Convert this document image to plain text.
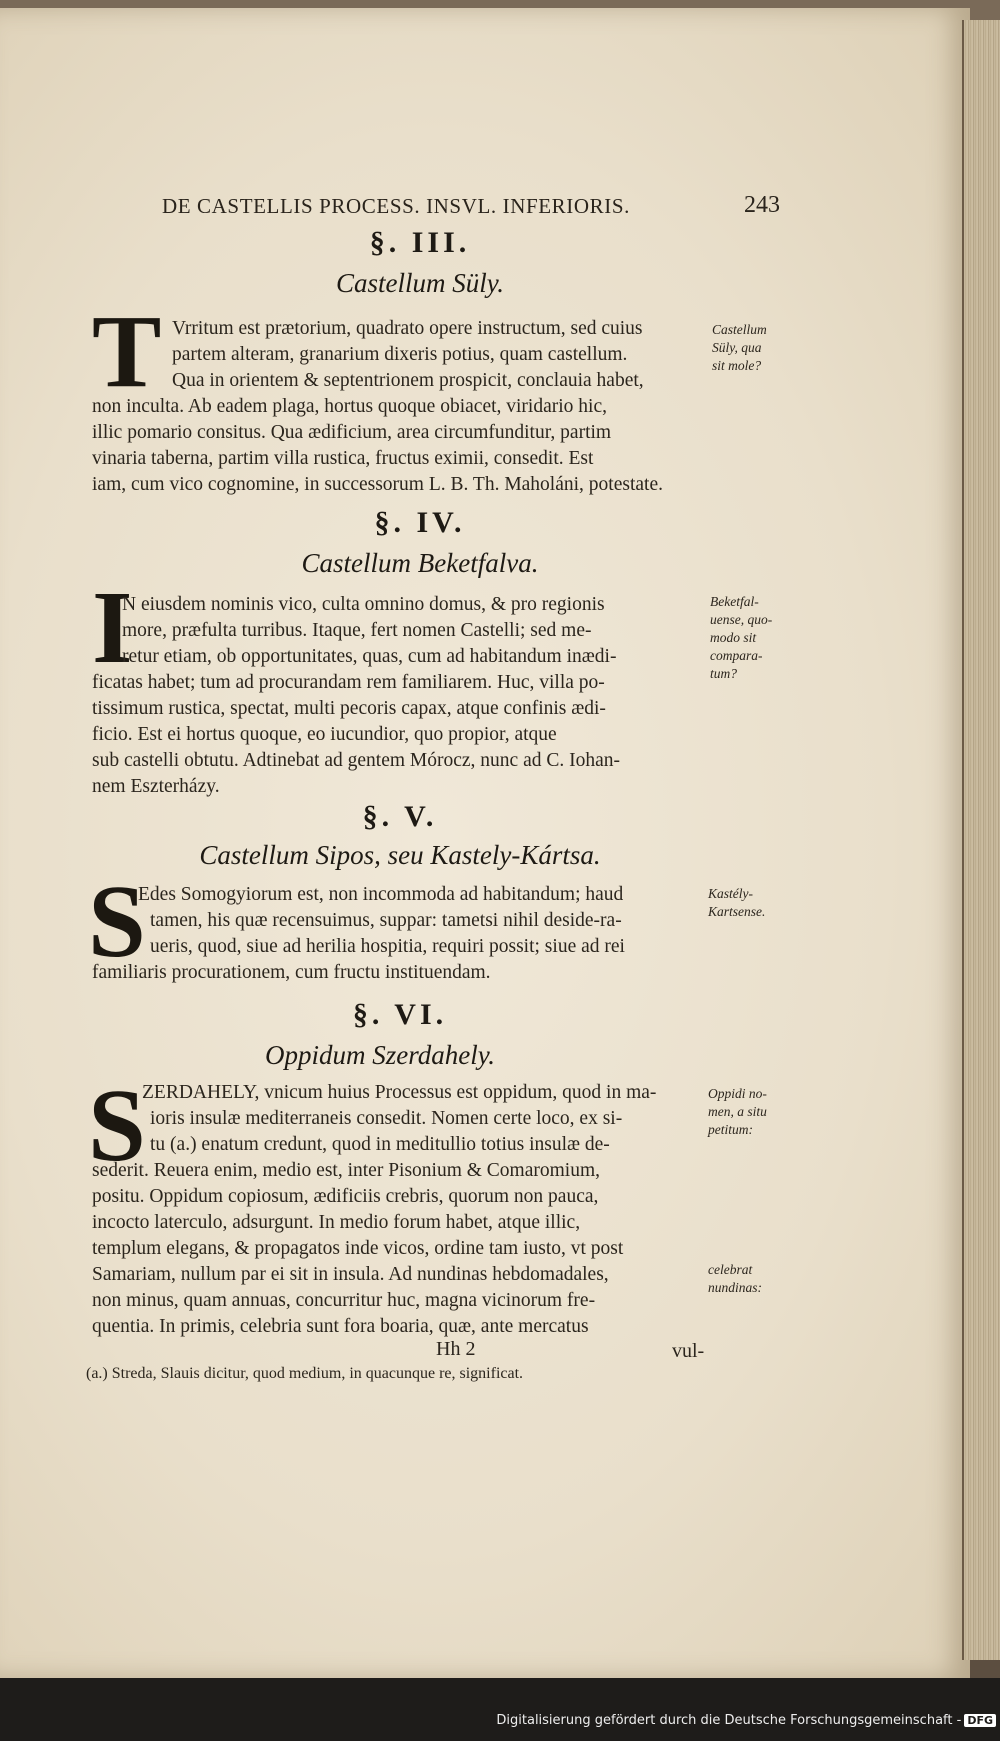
DE CASTELLIS PROCESS. INSVL. INFERIORIS.	243
§. III.
Castellum Süly.
T Vrritum est prætorium, quadrato opere instructum, sed cuius
partem alteram, granarium dixeris potius, quam castellum.
Qua in orientem & septentrionem prospicit, conclauia habet,
non inculta. Ab eadem plaga, hortus quoque obiacet, viridario hic,
illic pomario consitus. Qua ædificium, area circumfunditur, partim
vinaria taberna, partim villa rustica, fructus eximii, consedit. Est
iam, cum vico cognomine, in successorum L. B. Th. Maholáni, potestate.
Castellum
Süly, qua
sit mole?
§. IV.
Castellum Beketfalva.
I
N eiusdem nominis vico, culta omnino domus, & pro regionis
more, præfulta turribus. Itaque, fert nomen Castelli; sed me-
retur etiam, ob opportunitates, quas, cum ad habitandum inædi-
ficatas habet; tum ad procurandam rem familiarem. Huc, villa po-
tissimum rustica, spectat, multi pecoris capax, atque confinis ædi-
ficio. Est ei hortus quoque, eo iucundior, quo propior, atque
sub castelli obtutu. Adtinebat ad gentem Mórocz, nunc ad C. Iohan-
nem Eszterházy.
Beketfal-
uense, quo-
modo sit
compara-
tum?
§. V.
Castellum Sipos, seu Kastely-Kártsa.
S
Edes Somogyiorum est, non incommoda ad habitandum; haud
tamen, his quæ recensuimus, suppar: tametsi nihil deside-ra-
ueris, quod, siue ad herilia hospitia, requiri possit; siue ad rei
familiaris procurationem, cum fructu instituendam.
Kastély-
Kartsense.
§. VI.
Oppidum Szerdahely.
S
ZERDAHELY, vnicum huius Processus est oppidum, quod in ma-
ioris insulæ mediterraneis consedit. Nomen certe loco, ex si-
tu (a.) enatum credunt, quod in meditullio totius insulæ de-
sederit. Reuera enim, medio est, inter Pisonium & Comaromium,
positu. Oppidum copiosum, ædificiis crebris, quorum non pauca,
incocto laterculo, adsurgunt. In medio forum habet, atque illic,
templum elegans, & propagatos inde vicos, ordine tam iusto, vt post
Samariam, nullum par ei sit in insula. Ad nundinas hebdomadales,
non minus, quam annuas, concurritur huc, magna vicinorum fre-
quentia. In primis, celebria sunt fora boaria, quæ, ante mercatus
Oppidi no-
men, a situ
petitum:
celebrat
nundinas:
Hh 2	vul-
(a.) Streda, Slauis dicitur, quod medium, in quacunque re, significat.
Digitalisierung gefördert durch die Deutsche Forschungsgemeinschaft - DFG
